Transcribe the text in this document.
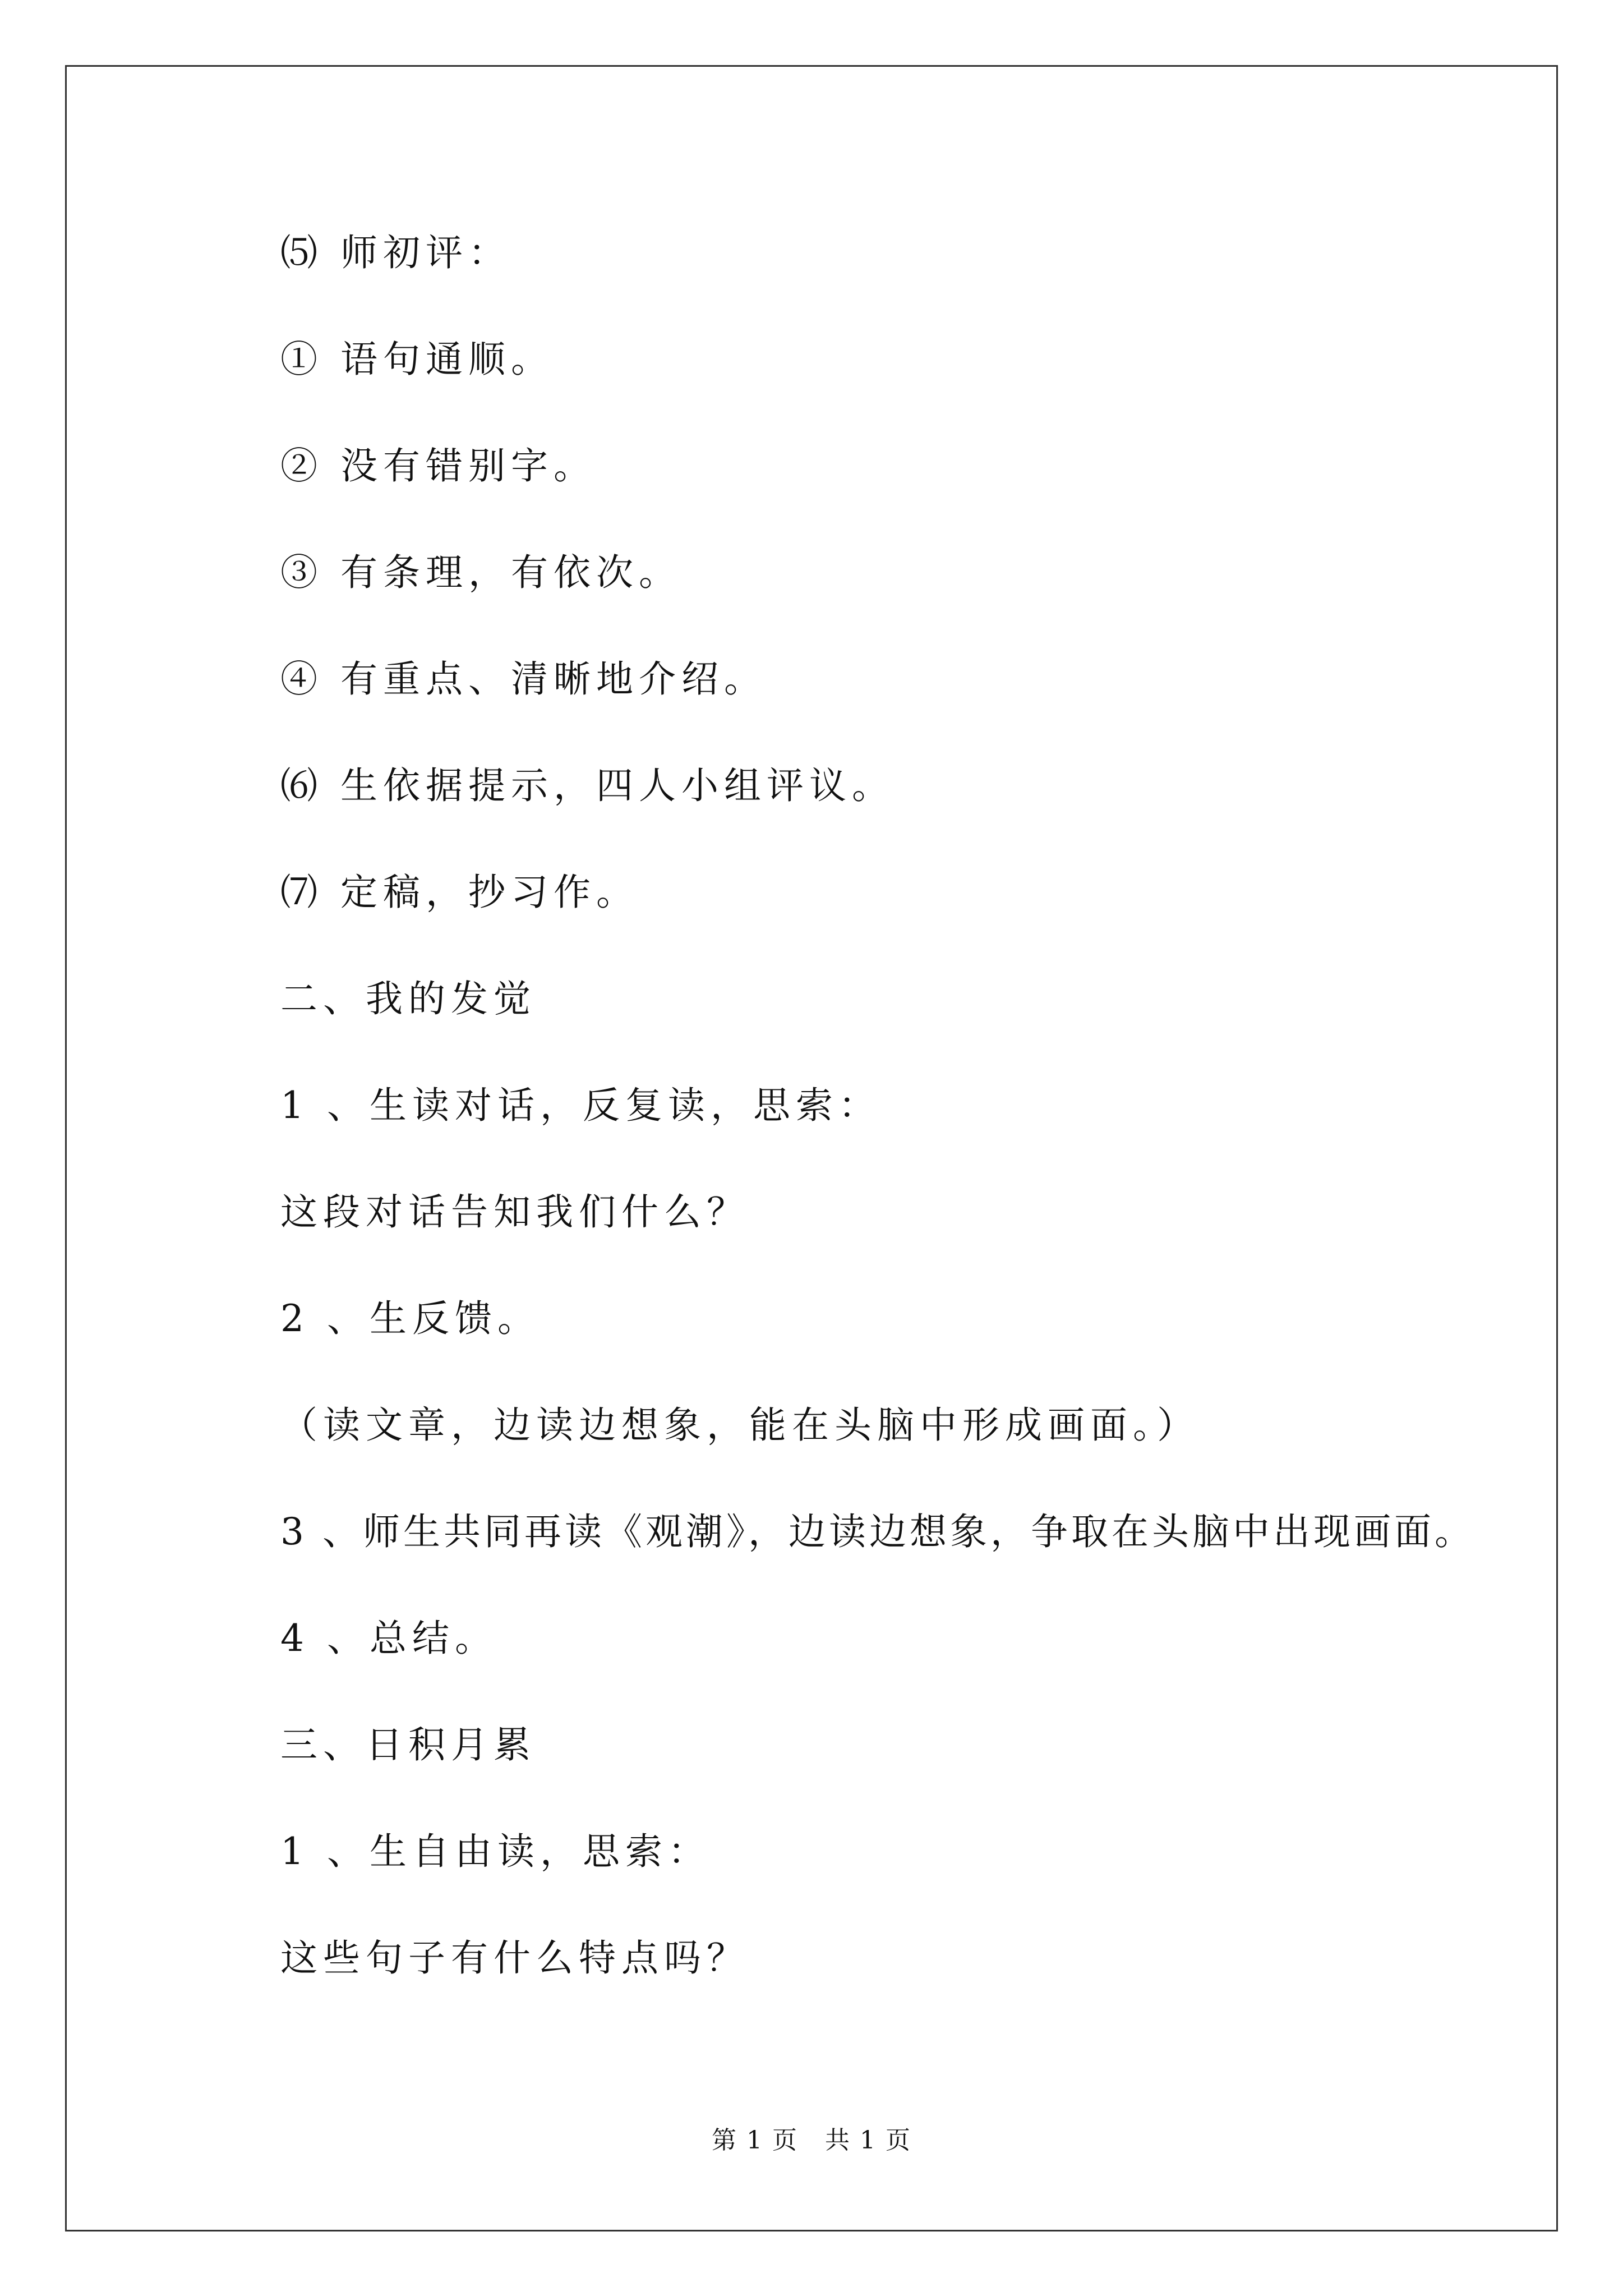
⑸ 师初评：
① 语句通顺。
② 没有错别字。
③ 有条理，有依次。
④ 有重点、清晰地介绍。
⑹ 生依据提示，四人小组评议。
⑺ 定稿，抄习作。
二、我的发觉
1 、生读对话，反复读，思索：
这段对话告知我们什么？
2 、生反馈。
（读文章，边读边想象，能在头脑中形成画面。）
3 、师生共同再读《观潮》，边读边想象，争取在头脑中出现画面。
4 、总结。
三、日积月累
1 、生自由读，思索：
这些句子有什么特点吗？
第 1 页   共 1 页
